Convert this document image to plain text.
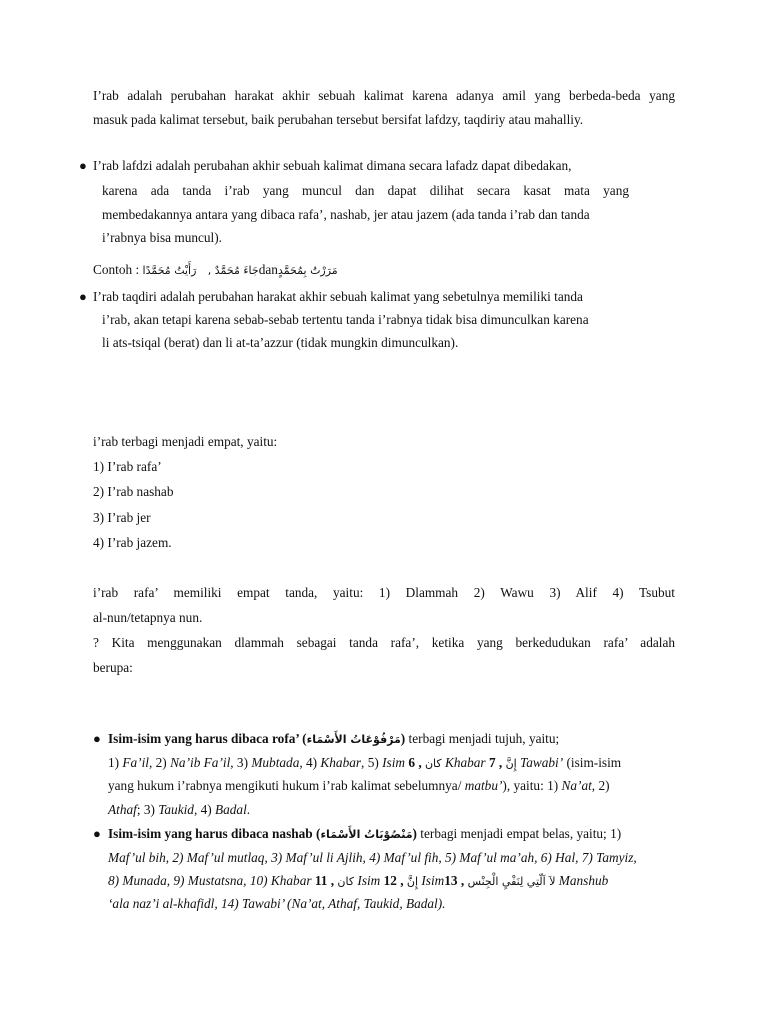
I’rab adalah perubahan harakat akhir sebuah kalimat karena adanya amil yang berbeda-beda yang
masuk pada kalimat tersebut, baik perubahan tersebut bersifat lafdzy, taqdiriy atau mahalliy.
● I’rab lafdzi adalah perubahan akhir sebuah kalimat dimana secara lafadz dapat dibedakan,
karena ada tanda i’rab yang muncul dan dapat dilihat secara kasat mata yang
membedakannya antara yang dibaca rafa’, nashab, jer atau jazem (ada tanda i’rab dan tanda
i’rabnya bisa muncul).
Contoh :	جَاءَ مُحَمَّدٌ , رَأَيْتُ مُحَمَّدًا	danمَرَرْتُ بِمُحَمَّدٍ
● I’rab taqdiri adalah perubahan harakat akhir sebuah kalimat yang sebetulnya memiliki tanda
i’rab, akan tetapi karena sebab-sebab tertentu tanda i’rabnya tidak bisa dimunculkan karena
li ats-tsiqal (berat) dan li at-ta’azzur (tidak mungkin dimunculkan).
i’rab terbagi menjadi empat, yaitu:
1) I’rab rafa’
2) I’rab nashab
3) I’rab jer
4) I’rab jazem.
i’rab rafa’ memiliki empat tanda, yaitu: 1) Dlammah 2) Wawu 3) Alif 4) Tsubut
al-nun/tetapnya nun.
? Kita menggunakan dlammah sebagai tanda rafa’, ketika yang berkedudukan rafa’ adalah
berupa:
● Isim-isim yang harus dibaca rofa’ (مَرْفُوْعَاتُ الأَسْمَاء) terbagi menjadi tujuh, yaitu;
1) Fa’il, 2) Na’ib Fa’il, 3) Mubtada, 4) Khabar, 5) Isim 6 , كان Khabar 7 , إِنَّ Tawabi’ (isim-isim
yang hukum i’rabnya mengikuti hukum i’rab kalimat sebelumnya/ matbu’), yaitu: 1) Na’at, 2)
Athaf; 3) Taukid, 4) Badal.
● Isim-isim yang harus dibaca nashab (مَنْصُوْبَاتُ الأَسْمَاء) terbagi menjadi empat belas, yaitu; 1)
Maf’ul bih, 2) Maf’ul mutlaq, 3) Maf’ul li Ajlih, 4) Maf’ul fih, 5) Maf’ul ma’ah, 6) Hal, 7) Tamyiz,
8) Munada, 9) Mustatsna, 10) Khabar 11 , كان Isim 12 , إِنَّ Isim13 , لاَ اَلّتِي لِنَفْيِ الْجِنْس Manshub
‘ala naz’i al-khafidl, 14) Tawabi’ (Na’at, Athaf, Taukid, Badal).
